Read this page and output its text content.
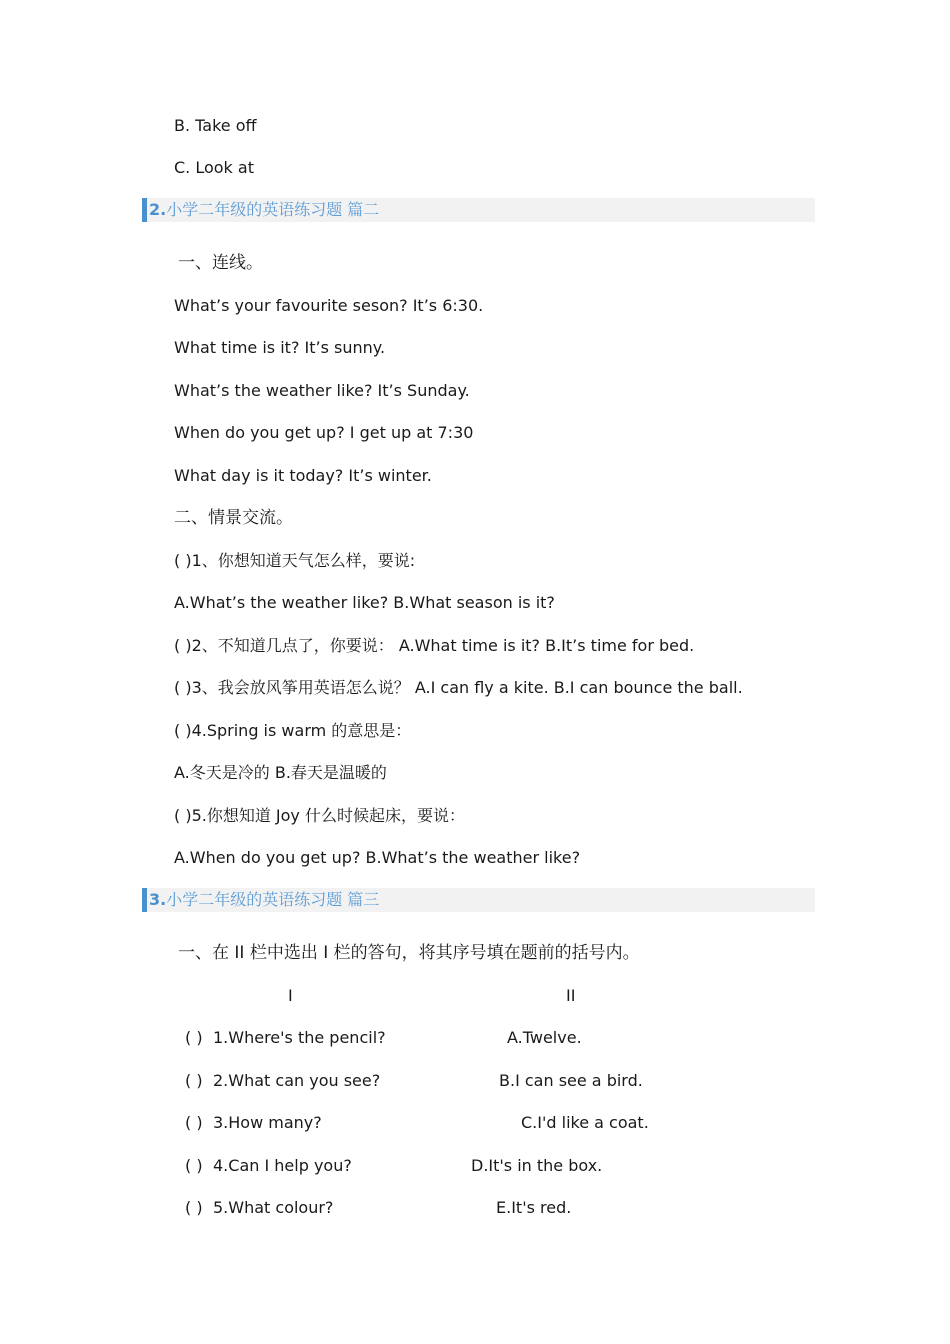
B. Take off
C. Look at
2.小学二年级的英语练习题 篇二
一、连线。
What’s your favourite seson? It’s 6:30.
What time is it? It’s sunny.
What’s the weather like? It’s Sunday.
When do you get up? I get up at 7:30
What day is it today? It’s winter.
二、情景交流。
( )1、你想知道天气怎么样，要说:
A.What’s the weather like? B.What season is it?
( )2、不知道几点了，你要说： A.What time is it? B.It’s time for bed.
( )3、我会放风筝用英语怎么说？ A.I can fly a kite. B.I can bounce the ball.
( )4.Spring is warm 的意思是：
A.冬天是冷的 B.春天是温暖的
( )5.你想知道 Joy 什么时候起床，要说：
A.When do you get up? B.What’s the weather like?
3.小学二年级的英语练习题 篇三
一、在 II 栏中选出 I 栏的答句，将其序号填在题前的括号内。
I	II
( ) 1.Where's the pencil?	A.Twelve.
( ) 2.What can you see?	B.I can see a bird.
( ) 3.How many?	C.I'd like a coat.
( ) 4.Can I help you?	D.It's in the box.
( ) 5.What colour?	E.It's red.
